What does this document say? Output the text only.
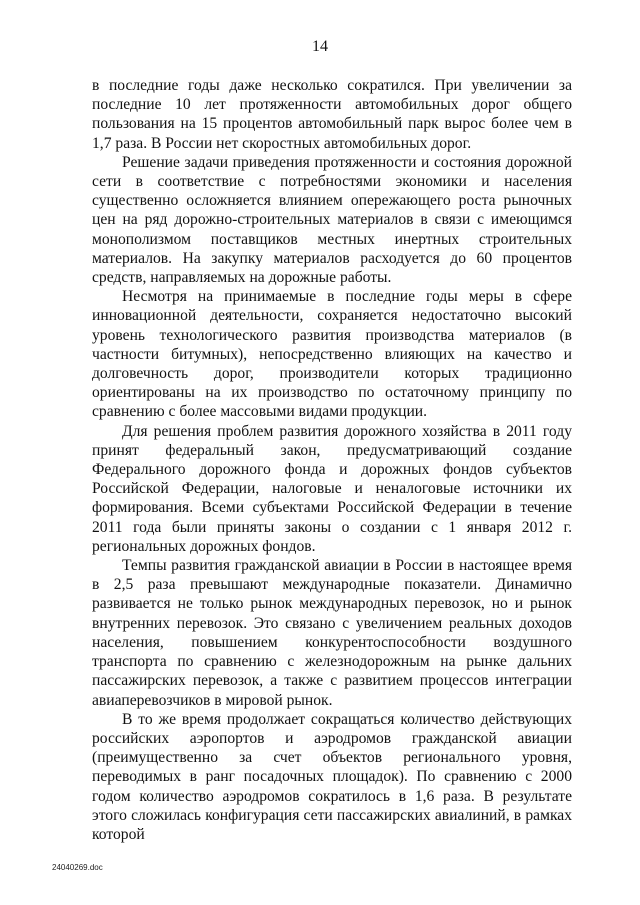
14

в последние годы даже несколько сократился. При увеличении за последние 10 лет протяженности автомобильных дорог общего пользования на 15 процентов автомобильный парк вырос более чем в 1,7 раза. В России нет скоростных автомобильных дорог.

Решение задачи приведения протяженности и состояния дорожной сети в соответствие с потребностями экономики и населения существенно осложняется влиянием опережающего роста рыночных цен на ряд дорожно-строительных материалов в связи с имеющимся монополизмом поставщиков местных инертных строительных материалов. На закупку материалов расходуется до 60 процентов средств, направляемых на дорожные работы.

Несмотря на принимаемые в последние годы меры в сфере инновационной деятельности, сохраняется недостаточно высокий уровень технологического развития производства материалов (в частности битумных), непосредственно влияющих на качество и долговечность дорог, производители которых традиционно ориентированы на их производство по остаточному принципу по сравнению с более массовыми видами продукции.

Для решения проблем развития дорожного хозяйства в 2011 году принят федеральный закон, предусматривающий создание Федерального дорожного фонда и дорожных фондов субъектов Российской Федерации, налоговые и неналоговые источники их формирования. Всеми субъектами Российской Федерации в течение 2011 года были приняты законы о создании с 1 января 2012 г. региональных дорожных фондов.

Темпы развития гражданской авиации в России в настоящее время в 2,5 раза превышают международные показатели. Динамично развивается не только рынок международных перевозок, но и рынок внутренних перевозок. Это связано с увеличением реальных доходов населения, повышением конкурентоспособности воздушного транспорта по сравнению с железнодорожным на рынке дальних пассажирских перевозок, а также с развитием процессов интеграции авиаперевозчиков в мировой рынок.

В то же время продолжает сокращаться количество действующих российских аэропортов и аэродромов гражданской авиации (преимущественно за счет объектов регионального уровня, переводимых в ранг посадочных площадок). По сравнению с 2000 годом количество аэродромов сократилось в 1,6 раза. В результате этого сложилась конфигурация сети пассажирских авиалиний, в рамках которой

24040269.doc
